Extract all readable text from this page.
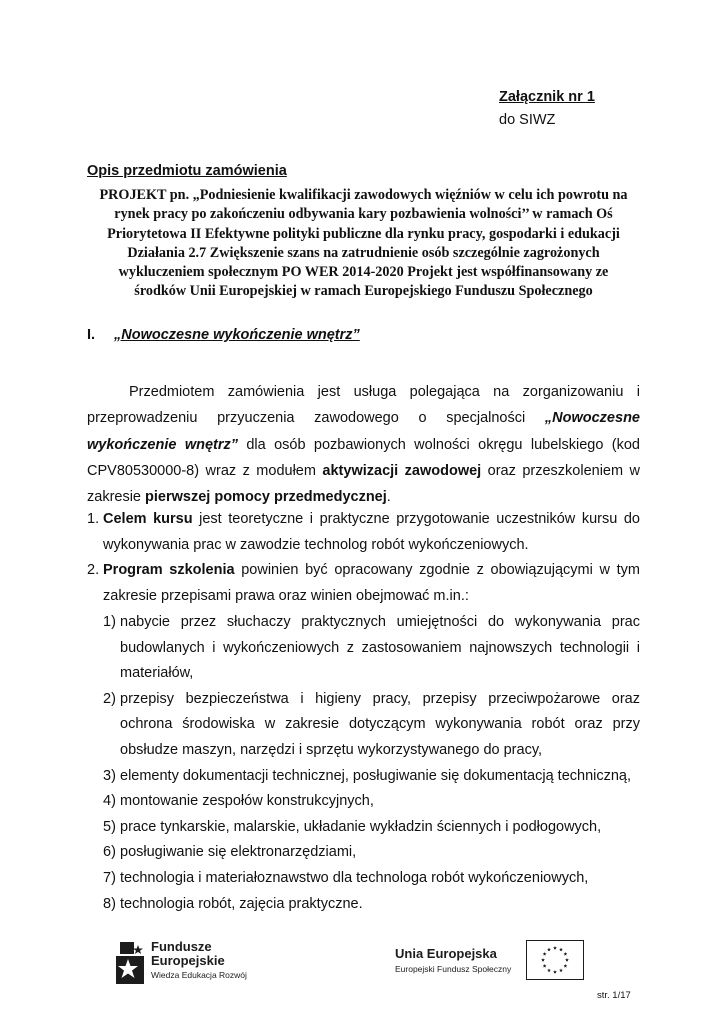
Załącznik nr 1
do SIWZ
Opis przedmiotu zamówienia
PROJEKT pn. „Podniesienie kwalifikacji zawodowych więźniów w celu ich powrotu na
rynek pracy po zakończeniu odbywania kary pozbawienia wolności’’ w ramach Oś
Priorytetowa II Efektywne polityki publiczne dla rynku pracy, gospodarki i edukacji
Działania 2.7 Zwiększenie szans na zatrudnienie osób szczególnie zagrożonych
wykluczeniem społecznym PO WER 2014-2020 Projekt jest współfinansowany ze
środków Unii Europejskiej w ramach Europejskiego Funduszu Społecznego
I. „Nowoczesne wykończenie wnętrz”

Przedmiotem zamówienia jest usługa polegająca na zorganizowaniu i przeprowadzeniu przyuczenia zawodowego o specjalności „Nowoczesne wykończenie wnętrz” dla osób pozbawionych wolności okręgu lubelskiego (kod CPV80530000-8) wraz z modułem aktywizacji zawodowej oraz przeszkoleniem w zakresie pierwszej pomocy przedmedycznej.

1. Celem kursu jest teoretyczne i praktyczne przygotowanie uczestników kursu do wykonywania prac w zawodzie technolog robót wykończeniowych.
2. Program szkolenia powinien być opracowany zgodnie z obowiązującymi w tym zakresie przepisami prawa oraz winien obejmować m.in.:
1) nabycie przez słuchaczy praktycznych umiejętności do wykonywania prac budowlanych i wykończeniowych z zastosowaniem najnowszych technologii i materiałów,
2) przepisy bezpieczeństwa i higieny pracy, przepisy przeciwpożarowe oraz ochrona środowiska w zakresie dotyczącym wykonywania robót oraz przy obsłudze maszyn, narzędzi i sprzętu wykorzystywanego do pracy,
3) elementy dokumentacji technicznej, posługiwanie się dokumentacją techniczną,
4) montowanie zespołów konstrukcyjnych,
5) prace tynkarskie, malarskie, układanie wykładzin ściennych i podłogowych,
6) posługiwanie się elektronarzędziami,
7) technologia i materiałoznawstwo dla technologa robót wykończeniowych,
8) technologia robót, zajęcia praktyczne.
Fundusze
Europejskie
Wiedza Edukacja Rozwój
Unia Europejska
Europejski Fundusz Społeczny
str. 1/17
